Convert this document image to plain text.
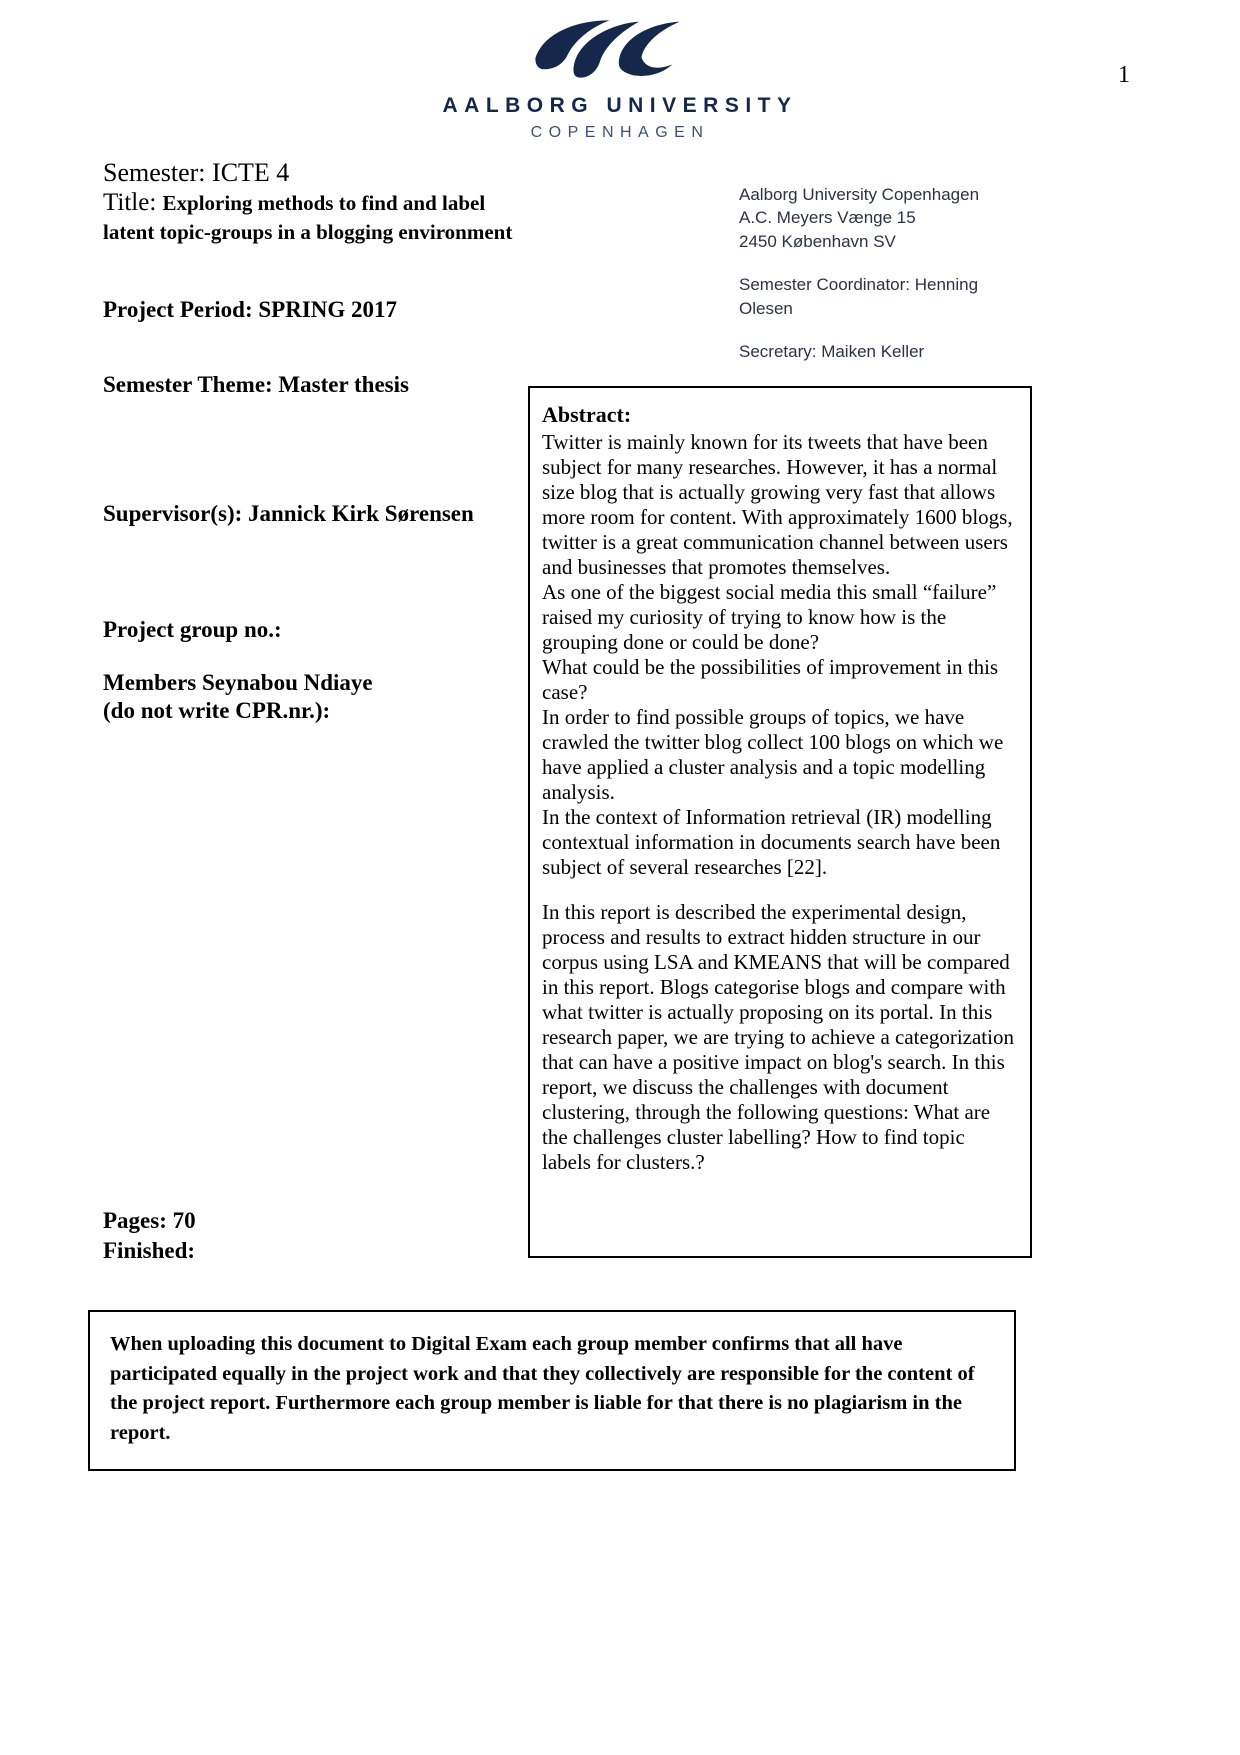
1
AALBORG UNIVERSITY
COPENHAGEN
Semester: ICTE 4
Title: Exploring methods to find and label latent topic-groups in a blogging environment
Project Period: SPRING 2017
Semester Theme: Master thesis
Supervisor(s): Jannick Kirk Sørensen
Project group no.:
Members Seynabou Ndiaye
(do not write CPR.nr.):
Aalborg University Copenhagen
A.C. Meyers Vænge 15
2450 København SV
Semester Coordinator: Henning Olesen
Secretary: Maiken Keller
Abstract:

Twitter is mainly known for its tweets that have been subject for many researches. However, it has a normal size blog that is actually growing very fast that allows more room for content. With approximately 1600 blogs, twitter is a great communication channel between users and businesses that promotes themselves.

As one of the biggest social media this small “failure” raised my curiosity of trying to know how is the grouping done or could be done?

What could be the possibilities of improvement in this case?

In order to find possible groups of topics, we have crawled the twitter blog collect 100 blogs on which we have applied a cluster analysis and a topic modelling analysis.

In the context of Information retrieval (IR) modelling contextual information in documents search have been subject of several researches [22].

In this report is described the experimental design, process and results to extract hidden structure in our corpus using LSA and KMEANS that will be compared in this report. Blogs categorise blogs and compare with what twitter is actually proposing on its portal. In this research paper, we are trying to achieve a categorization that can have a positive impact on blog's search. In this report, we discuss the challenges with document clustering, through the following questions: What are the challenges cluster labelling? How to find topic labels for clusters.?

Pages: 70
Finished:
When uploading this document to Digital Exam each group member confirms that all have participated equally in the project work and that they collectively are responsible for the content of the project report. Furthermore each group member is liable for that there is no plagiarism in the report.
